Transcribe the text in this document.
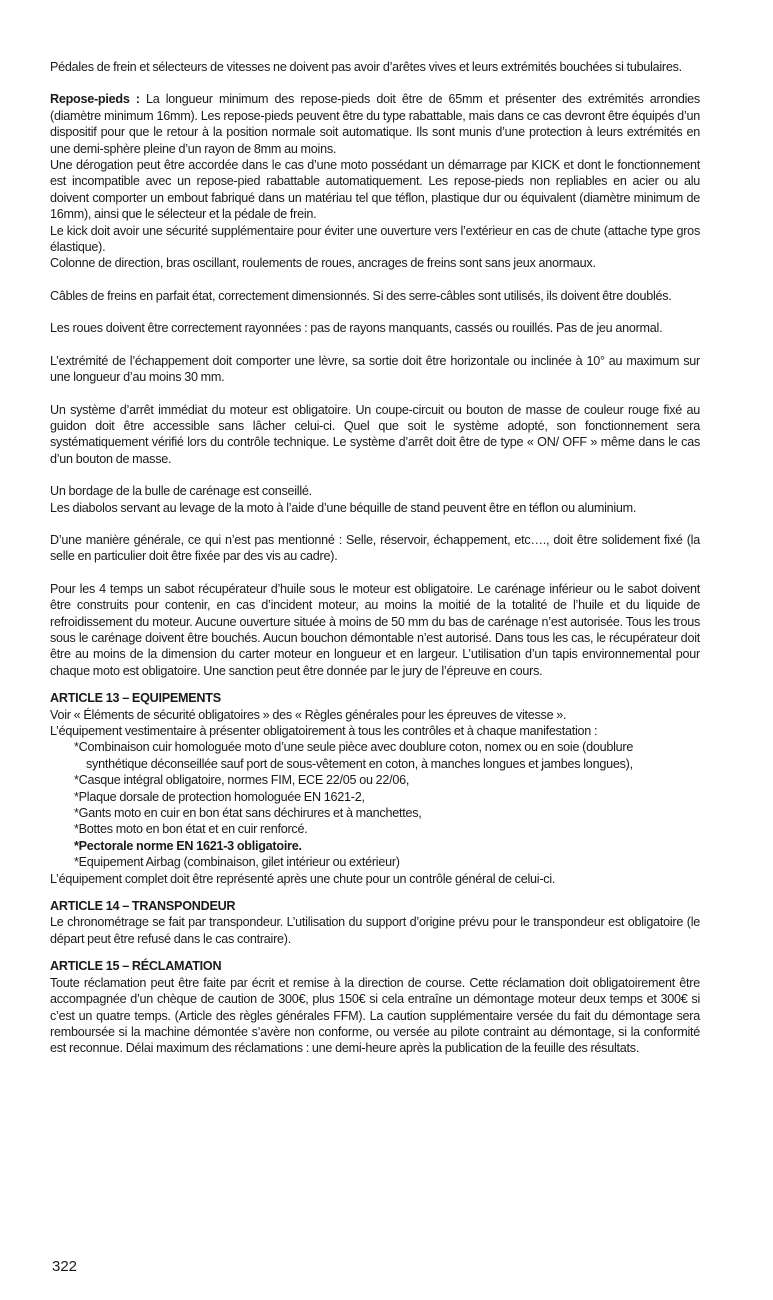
Pédales de frein et sélecteurs de vitesses ne doivent pas avoir d’arêtes vives et leurs extrémités bouchées si tubulaires.

Repose-pieds : La longueur minimum des repose-pieds doit être de 65mm et présenter des extrémités arrondies (diamètre minimum 16mm). Les repose-pieds peuvent être du type rabattable, mais dans ce cas devront être équipés d’un dispositif pour que le retour à la position normale soit automatique. Ils sont munis d’une protection à leurs extrémités en une demi-sphère pleine d’un rayon de 8mm au moins.

Une dérogation peut être accordée dans le cas d’une moto possédant un démarrage par KICK et dont le fonctionnement est incompatible avec un repose-pied rabattable automatiquement. Les repose-pieds non repliables en acier ou alu doivent comporter un embout fabriqué dans un matériau tel que téflon, plastique dur ou équivalent (diamètre minimum de 16mm), ainsi que le sélecteur et la pédale de frein.

Le kick doit avoir une sécurité supplémentaire pour éviter une ouverture vers l’extérieur en cas de chute (attache type gros élastique).

Colonne de direction, bras oscillant, roulements de roues, ancrages de freins sont sans jeux anormaux.

Câbles de freins en parfait état, correctement dimensionnés. Si des serre-câbles sont utilisés, ils doivent être doublés.

Les roues doivent être correctement rayonnées : pas de rayons manquants, cassés ou rouillés. Pas de jeu anormal.

L’extrémité de l’échappement doit comporter une lèvre, sa sortie doit être horizontale ou inclinée à 10° au maximum sur une longueur d’au moins 30 mm.

Un système d’arrêt immédiat du moteur est obligatoire. Un coupe-circuit ou bouton de masse de couleur rouge fixé au guidon doit être accessible sans lâcher celui-ci. Quel que soit le système adopté, son fonctionnement sera systématiquement vérifié lors du contrôle technique. Le système d’arrêt doit être de type « ON/ OFF » même dans le cas d’un bouton de masse.

Un bordage de la bulle de carénage est conseillé.

Les diabolos servant au levage de la moto à l’aide d’une béquille de stand peuvent être en téflon ou aluminium.

D’une manière générale, ce qui n’est pas mentionné : Selle, réservoir, échappement, etc…., doit être solidement fixé (la selle en particulier doit être fixée par des vis au cadre).

Pour les 4 temps un sabot récupérateur d’huile sous le moteur est obligatoire. Le carénage inférieur ou le sabot doivent être construits pour contenir, en cas d’incident moteur, au moins la moitié de la totalité de l’huile et du liquide de refroidissement du moteur. Aucune ouverture située à moins de 50 mm du bas de carénage n’est autorisée. Tous les trous sous le carénage doivent être bouchés. Aucun bouchon démontable n’est autorisé. Dans tous les cas, le récupérateur doit être au moins de la dimension du carter moteur en longueur et en largeur. L’utilisation d’un tapis environnemental pour chaque moto est obligatoire. Une sanction peut être donnée par le jury de l’épreuve en cours.

ARTICLE 13 – EQUIPEMENTS

Voir « Éléments de sécurité obligatoires » des « Règles générales pour les épreuves de vitesse ».

L’équipement vestimentaire à présenter obligatoirement à tous les contrôles et à chaque manifestation :

*Combinaison cuir homologuée moto d’une seule pièce avec doublure coton, nomex ou en soie (doublure

synthétique déconseillée sauf port de sous-vêtement en coton, à manches longues et jambes longues),

*Casque intégral obligatoire, normes FIM, ECE 22/05 ou 22/06,

*Plaque dorsale de protection homologuée EN 1621-2,

*Gants moto en cuir en bon état sans déchirures et à manchettes,

*Bottes moto en bon état et en cuir renforcé.

*Pectorale norme EN 1621-3 obligatoire.

*Equipement Airbag (combinaison, gilet intérieur ou extérieur)

L’équipement complet doit être représenté après une chute pour un contrôle général de celui-ci.

ARTICLE 14 – TRANSPONDEUR

Le chronométrage se fait par transpondeur. L’utilisation du support d’origine prévu pour le transpondeur est obligatoire (le départ peut être refusé dans le cas contraire).

ARTICLE 15 – RÉCLAMATION

Toute réclamation peut être faite par écrit et remise à la direction de course. Cette réclamation doit obligatoirement être accompagnée d’un chèque de caution de 300€, plus 150€ si cela entraîne un démontage moteur deux temps et 300€ si c’est un quatre temps. (Article des règles générales FFM). La caution supplémentaire versée du fait du démontage sera remboursée si la machine démontée s’avère non conforme, ou versée au pilote contraint au démontage, si la conformité est reconnue. Délai maximum des réclamations : une demi-heure après la publication de la feuille des résultats.

322
